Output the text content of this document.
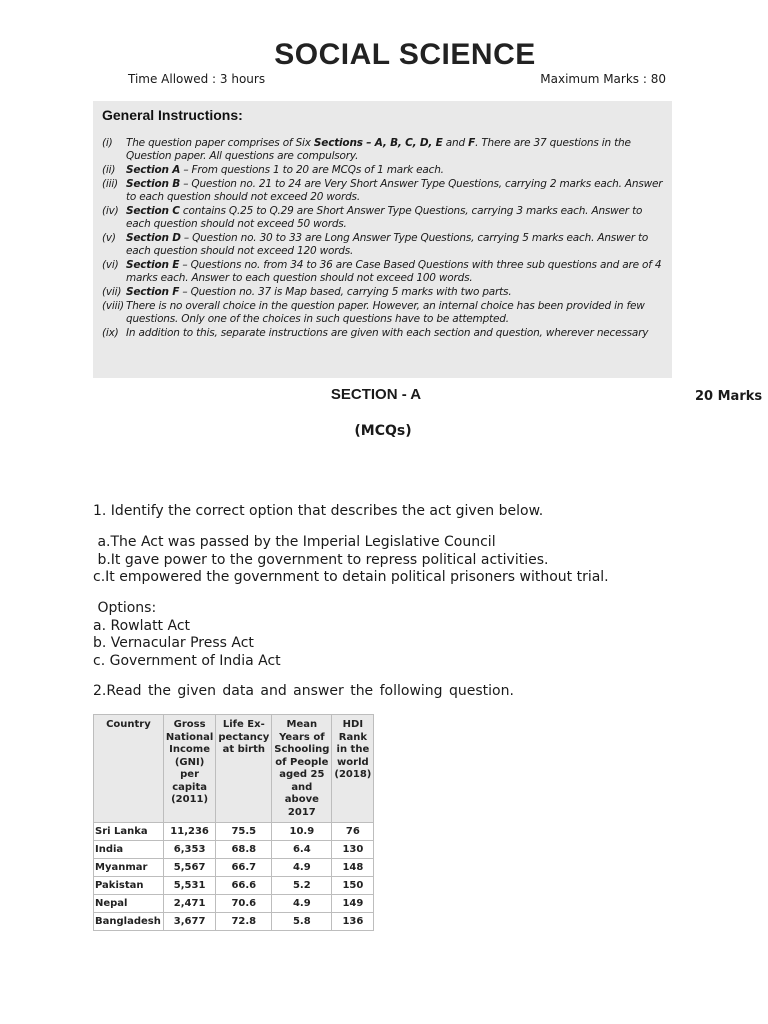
SOCIAL SCIENCE
Time Allowed : 3 hours	Maximum Marks : 80
General Instructions:
(i) The question paper comprises of Six Sections – A, B, C, D, E and F. There are 37 questions in the Question paper. All questions are compulsory.
(ii) Section A – From questions 1 to 20 are MCQs of 1 mark each.
(iii) Section B – Question no. 21 to 24 are Very Short Answer Type Questions, carrying 2 marks each. Answer to each question should not exceed 20 words.
(iv) Section C contains Q.25 to Q.29 are Short Answer Type Questions, carrying 3 marks each. Answer to each question should not exceed 50 words.
(v) Section D – Question no. 30 to 33 are Long Answer Type Questions, carrying 5 marks each. Answer to each question should not exceed 120 words.
(vi) Section E – Questions no. from 34 to 36 are Case Based Questions with three sub questions and are of 4 marks each. Answer to each question should not exceed 100 words.
(vii) Section F – Question no. 37 is Map based, carrying 5 marks with two parts.
(viii) There is no overall choice in the question paper. However, an internal choice has been provided in few questions. Only one of the choices in such questions have to be attempted.
(ix) In addition to this, separate instructions are given with each section and question, wherever necessary
SECTION - A	20 Marks
(MCQs)
1. Identify the correct option that describes the act given below.
a.The Act was passed by the Imperial Legislative Council
b.It gave power to the government to repress political activities.
c.It empowered the government to detain political prisoners without trial.
Options:
a. Rowlatt Act
b. Vernacular Press Act
c. Government of India Act
2.Read the given data and answer the following question.
Country	Gross National Income (GNI) per capita (2011)	Life Ex-pectancy at birth	Mean Years of Schooling of People aged 25 and above 2017	HDI Rank in the world (2018)
Sri Lanka	11,236	75.5	10.9	76
India	6,353	68.8	6.4	130
Myanmar	5,567	66.7	4.9	148
Pakistan	5,531	66.6	5.2	150
Nepal	2,471	70.6	4.9	149
Bangladesh	3,677	72.8	5.8	136
